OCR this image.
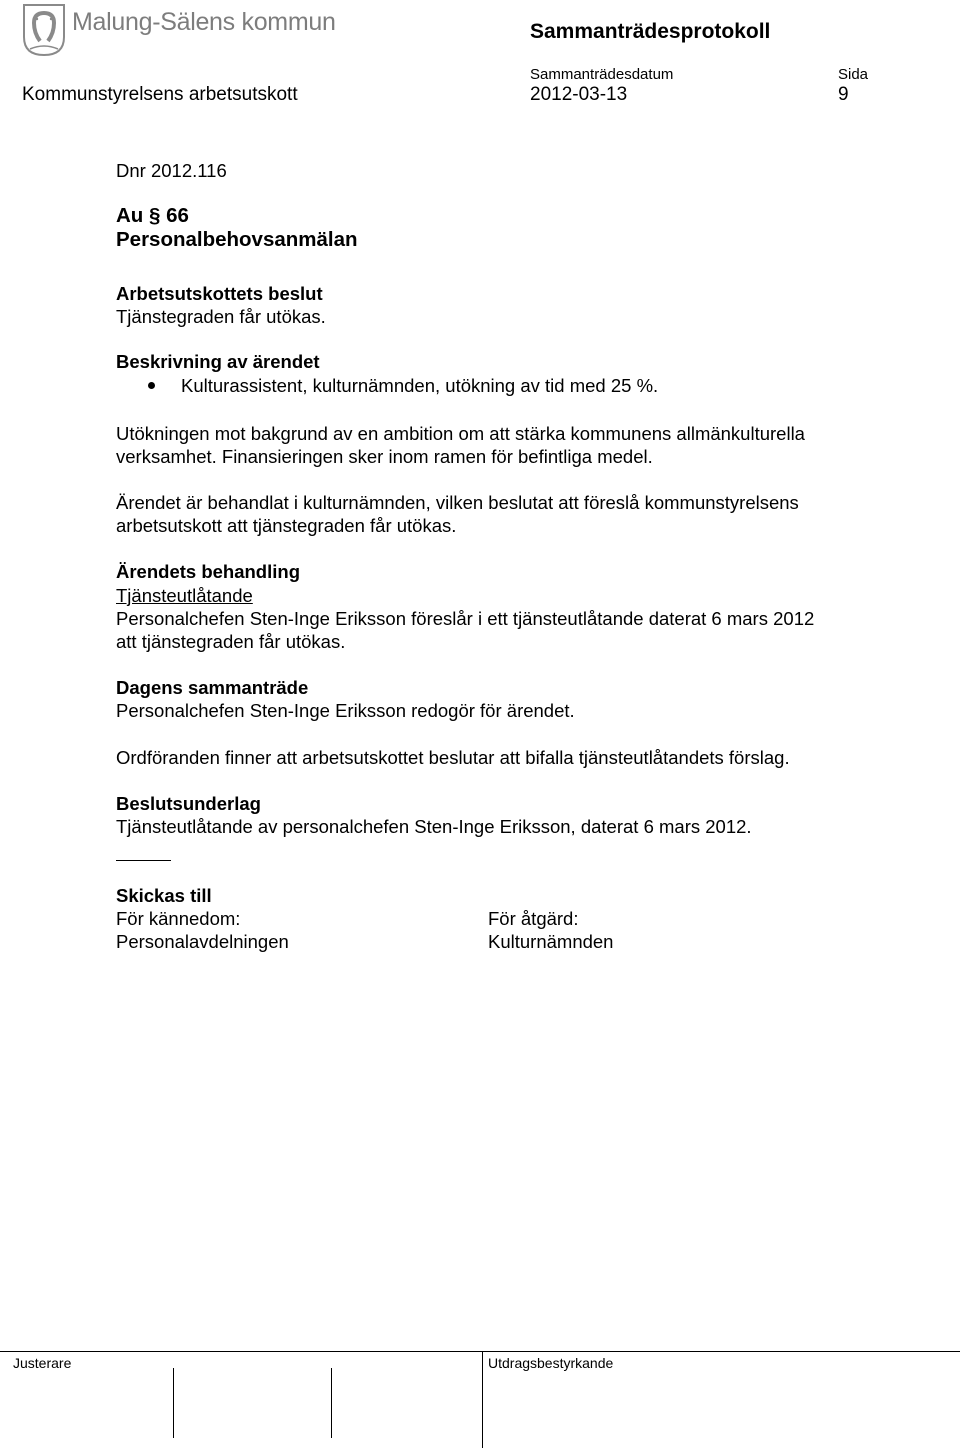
Malung-Sälens kommun	Sammanträdesprotokoll
Sammanträdesdatum	Sida
Kommunstyrelsens arbetsutskott	2012-03-13	9
Dnr 2012.116
Au § 66
Personalbehovsanmälan
Arbetsutskottets beslut
Tjänstegraden får utökas.
Beskrivning av ärendet
Kulturassistent, kulturnämnden, utökning av tid med 25 %.
Utökningen mot bakgrund av en ambition om att stärka kommunens allmänkulturella
verksamhet. Finansieringen sker inom ramen för befintliga medel.
Ärendet är behandlat i kulturnämnden, vilken beslutat att föreslå kommunstyrelsens
arbetsutskott att tjänstegraden får utökas.
Ärendets behandling
Tjänsteutlåtande
Personalchefen Sten-Inge Eriksson föreslår i ett tjänsteutlåtande daterat 6 mars 2012
att tjänstegraden får utökas.
Dagens sammanträde
Personalchefen Sten-Inge Eriksson redogör för ärendet.
Ordföranden finner att arbetsutskottet beslutar att bifalla tjänsteutlåtandets förslag.
Beslutsunderlag
Tjänsteutlåtande av personalchefen Sten-Inge Eriksson, daterat 6 mars 2012.
Skickas till
För kännedom:
Personalavdelningen
För åtgärd:
Kulturnämnden
Justerare	Utdragsbestyrkande
